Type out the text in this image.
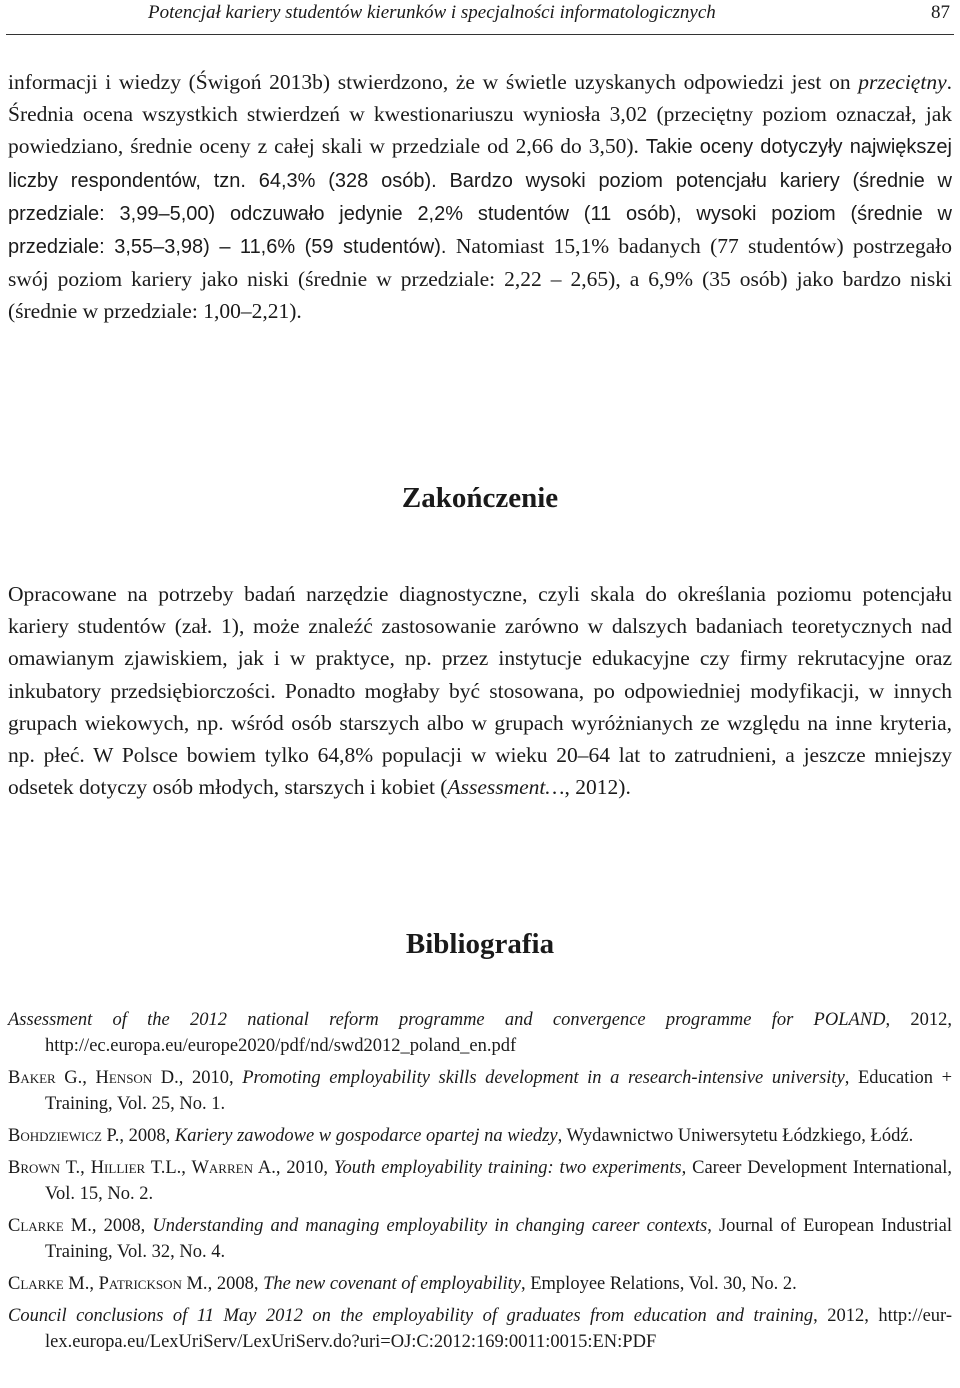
Potencjał kariery studentów kierunków i specjalności informatologicznych	87

informacji i wiedzy (Świgoń 2013b) stwierdzono, że w świetle uzyskanych odpowiedzi jest on przeciętny. Średnia ocena wszystkich stwierdzeń w kwestionariuszu wyniosła 3,02 (przeciętny poziom oznaczał, jak powiedziano, średnie oceny z całej skali w przedziale od 2,66 do 3,50). Takie oceny dotyczyły największej liczby respondentów, tzn. 64,3% (328 osób). Bardzo wysoki poziom potencjału kariery (średnie w przedziale: 3,99–5,00) odczuwało jedynie 2,2% studentów (11 osób), wysoki poziom (średnie w przedziale: 3,55–3,98) – 11,6% (59 studentów). Natomiast 15,1% badanych (77 studentów) postrzegało swój poziom kariery jako niski (średnie w przedziale: 2,22 – 2,65), a 6,9% (35 osób) jako bardzo niski (średnie w przedziale: 1,00–2,21).

Zakończenie

Opracowane na potrzeby badań narzędzie diagnostyczne, czyli skala do określania poziomu potencjału kariery studentów (zał. 1), może znaleźć zastosowanie zarówno w dalszych badaniach teoretycznych nad omawianym zjawiskiem, jak i w praktyce, np. przez instytucje edukacyjne czy firmy rekrutacyjne oraz inkubatory przedsiębiorczości. Ponadto mogłaby być stosowana, po odpowiedniej modyfikacji, w innych grupach wiekowych, np. wśród osób starszych albo w grupach wyróżnianych ze względu na inne kryteria, np. płeć. W Polsce bowiem tylko 64,8% populacji w wieku 20–64 lat to zatrudnieni, a jeszcze mniejszy odsetek dotyczy osób młodych, starszych i kobiet (Assessment…, 2012).

Bibliografia

Assessment of the 2012 national reform programme and convergence programme for POLAND, 2012, http://ec.europa.eu/europe2020/pdf/nd/swd2012_poland_en.pdf

Baker G., Henson D., 2010, Promoting employability skills development in a research-intensive university, Education + Training, Vol. 25, No. 1.

Bohdziewicz P., 2008, Kariery zawodowe w gospodarce opartej na wiedzy, Wydawnictwo Uniwersytetu Łódzkiego, Łódź.

Brown T., Hillier T.L., Warren A., 2010, Youth employability training: two experiments, Career Development International, Vol. 15, No. 2.

Clarke M., 2008, Understanding and managing employability in changing career contexts, Journal of European Industrial Training, Vol. 32, No. 4.

Clarke M., Patrickson M., 2008, The new covenant of employability, Employee Relations, Vol. 30, No. 2.

Council conclusions of 11 May 2012 on the employability of graduates from education and training, 2012, http://eur-lex.europa.eu/LexUriServ/LexUriServ.do?uri=OJ:C:2012:169:0011:0015:EN:PDF
